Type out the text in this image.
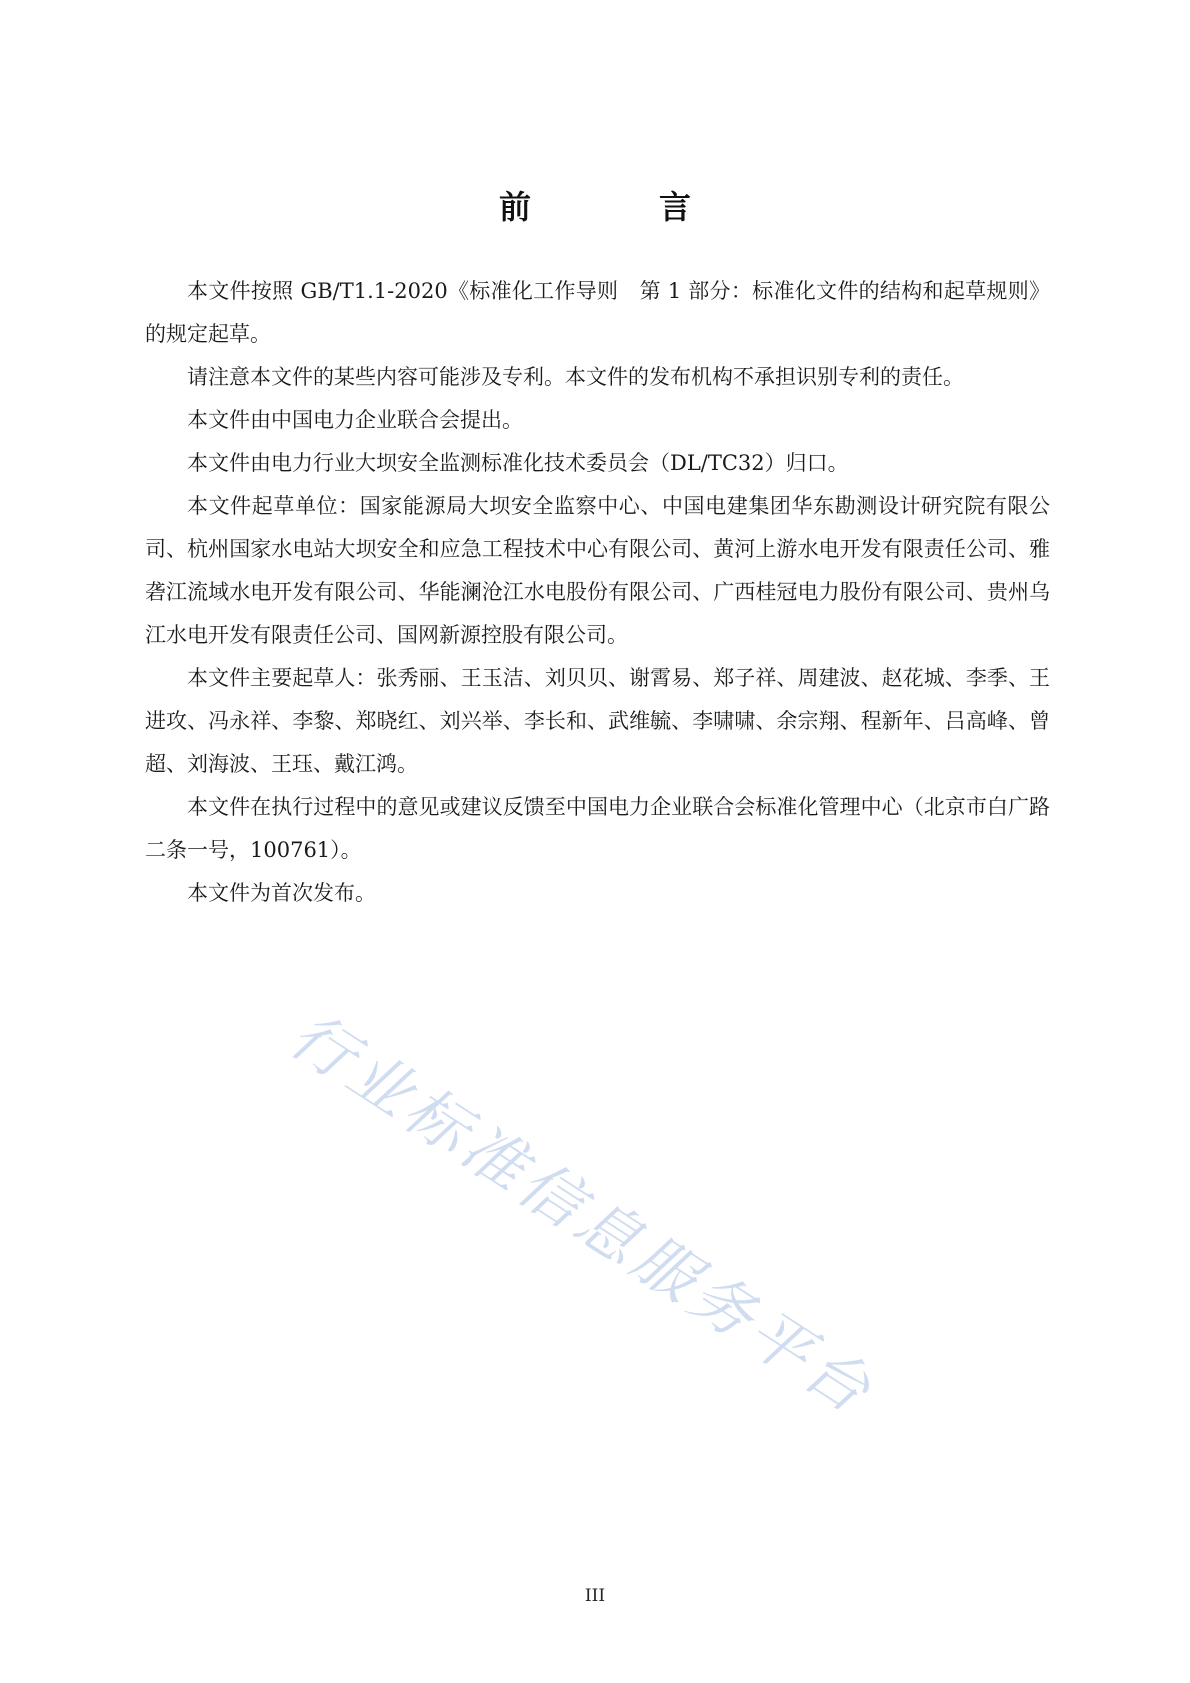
前　言

本文件按照 GB/T1.1-2020《标准化工作导则　第 1 部分：标准化文件的结构和起草规则》的规定起草。

请注意本文件的某些内容可能涉及专利。本文件的发布机构不承担识别专利的责任。

本文件由中国电力企业联合会提出。

本文件由电力行业大坝安全监测标准化技术委员会（DL/TC32）归口。

本文件起草单位：国家能源局大坝安全监察中心、中国电建集团华东勘测设计研究院有限公司、杭州国家水电站大坝安全和应急工程技术中心有限公司、黄河上游水电开发有限责任公司、雅砻江流域水电开发有限公司、华能澜沧江水电股份有限公司、广西桂冠电力股份有限公司、贵州乌江水电开发有限责任公司、国网新源控股有限公司。

本文件主要起草人：张秀丽、王玉洁、刘贝贝、谢霄易、郑子祥、周建波、赵花城、李季、王进攻、冯永祥、李黎、郑晓红、刘兴举、李长和、武维毓、李啸啸、余宗翔、程新年、吕高峰、曾超、刘海波、王珏、戴江鸿。

本文件在执行过程中的意见或建议反馈至中国电力企业联合会标准化管理中心（北京市白广路二条一号，100761）。

本文件为首次发布。

行业标准信息服务平台
III
